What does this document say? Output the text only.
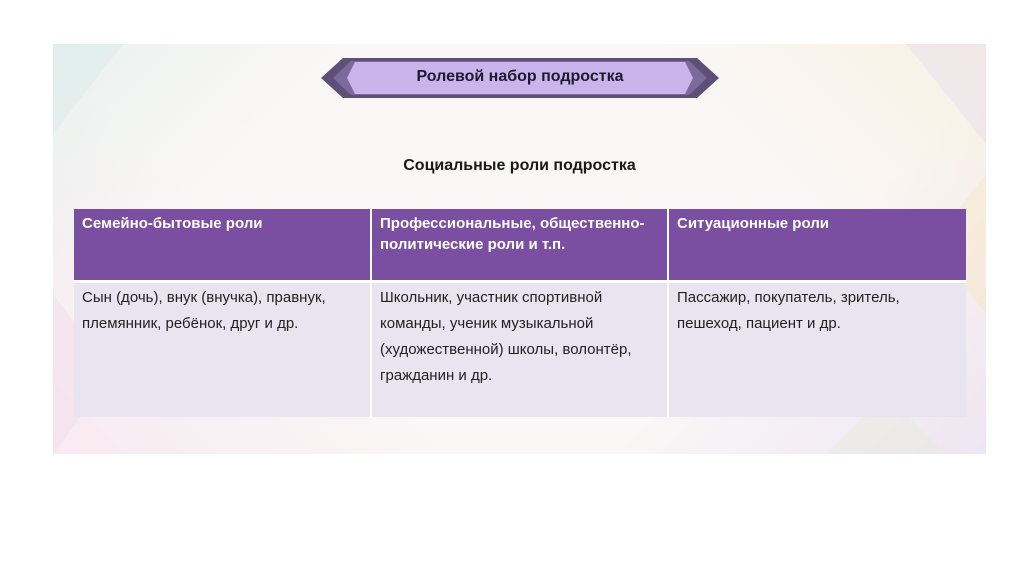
Ролевой набор подростка
Социальные роли подростка
Семейно-бытовые роли	Профессиональные, общественно-политические роли и т.п.	Ситуационные роли
Сын (дочь), внук (внучка), правнук, племянник, ребёнок, друг и др.	Школьник, участник спортивной команды, ученик музыкальной (художественной) школы, волонтёр, гражданин и др.	Пассажир, покупатель, зритель, пешеход, пациент и др.
